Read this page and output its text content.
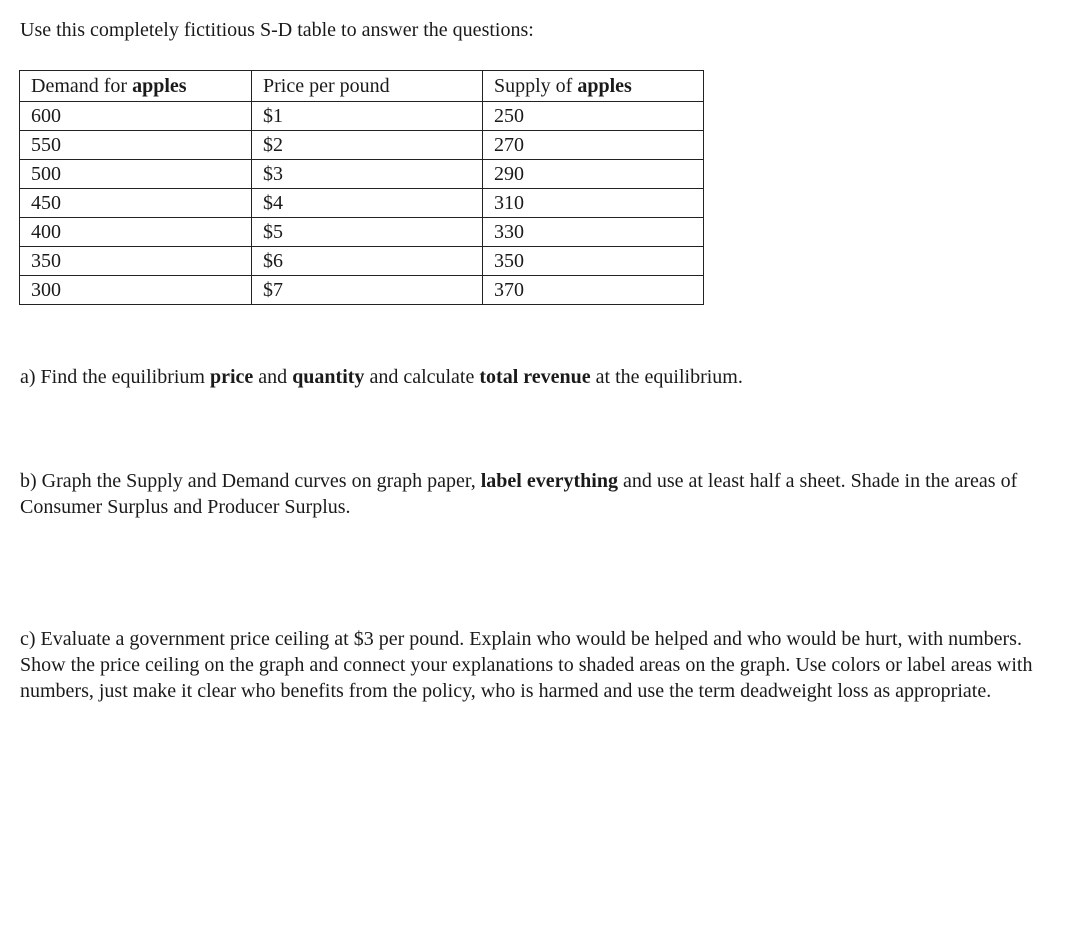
Use this completely fictitious S-D table to answer the questions:

Demand for apples	Price per pound	Supply of apples
600	$1	250
550	$2	270
500	$3	290
450	$4	310
400	$5	330
350	$6	350
300	$7	370

a) Find the equilibrium price and quantity and calculate total revenue at the equilibrium.

b) Graph the Supply and Demand curves on graph paper, label everything and use at least half a sheet. Shade in the areas of Consumer Surplus and Producer Surplus.

c) Evaluate a government price ceiling at $3 per pound. Explain who would be helped and who would be hurt, with numbers. Show the price ceiling on the graph and connect your explanations to shaded areas on the graph. Use colors or label areas with numbers, just make it clear who benefits from the policy, who is harmed and use the term deadweight loss as appropriate.
